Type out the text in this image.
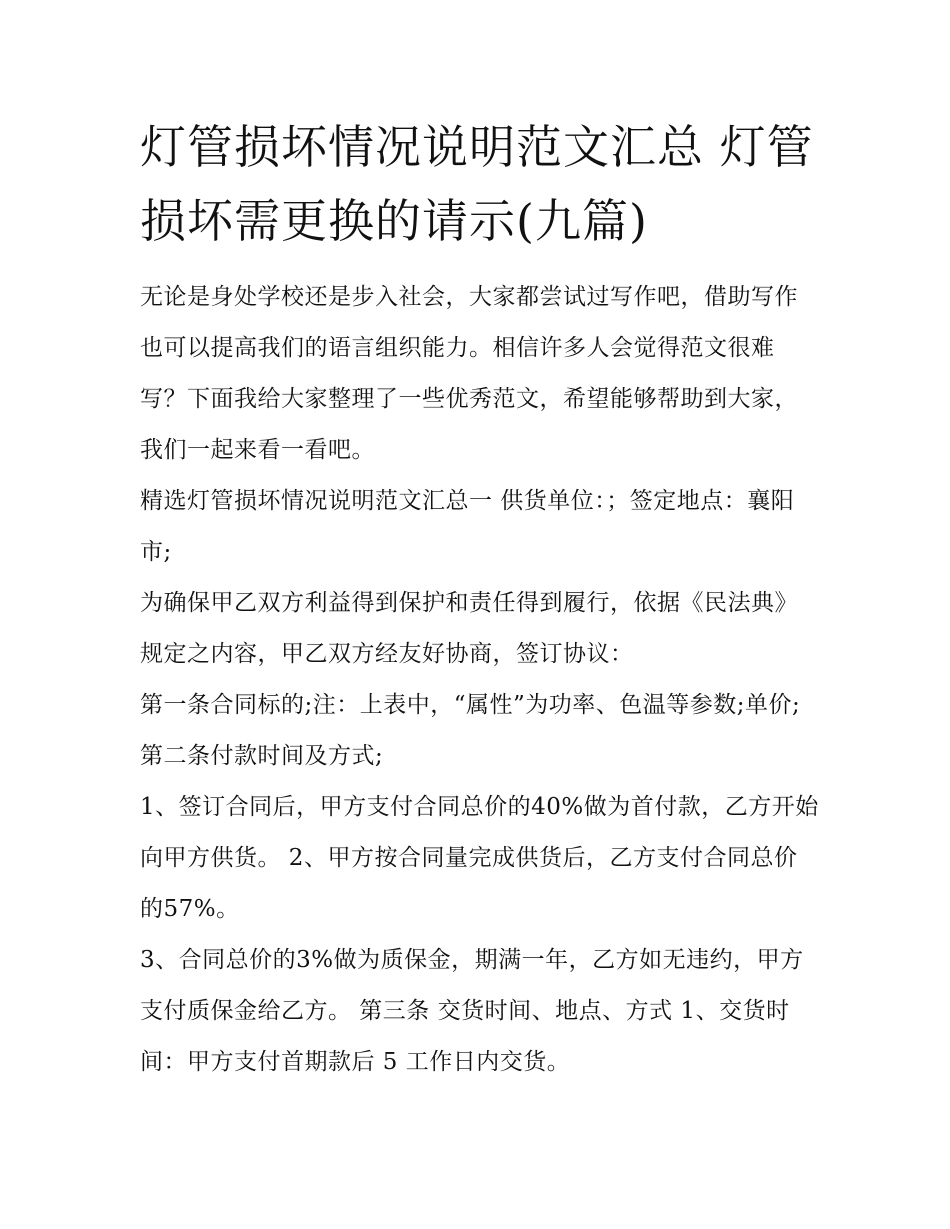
灯管损坏情况说明范文汇总 灯管损坏需更换的请示(九篇)

无论是身处学校还是步入社会，大家都尝试过写作吧，借助写作也可以提高我们的语言组织能力。相信许多人会觉得范文很难写？下面我给大家整理了一些优秀范文，希望能够帮助到大家，我们一起来看一看吧。

精选灯管损坏情况说明范文汇总一 供货单位：；签定地点：襄阳市;

为确保甲乙双方利益得到保护和责任得到履行，依据《民法典》规定之内容，甲乙双方经友好协商，签订协议：

第一条合同标的;注：上表中，“属性”为功率、色温等参数;单价; 第二条付款时间及方式;

1、签订合同后，甲方支付合同总价的40%做为首付款，乙方开始向甲方供货。 2、甲方按合同量完成供货后，乙方支付合同总价的57%。

3、合同总价的3%做为质保金，期满一年，乙方如无违约，甲方支付质保金给乙方。 第三条 交货时间、地点、方式 1、交货时间：甲方支付首期款后 5 工作日内交货。
